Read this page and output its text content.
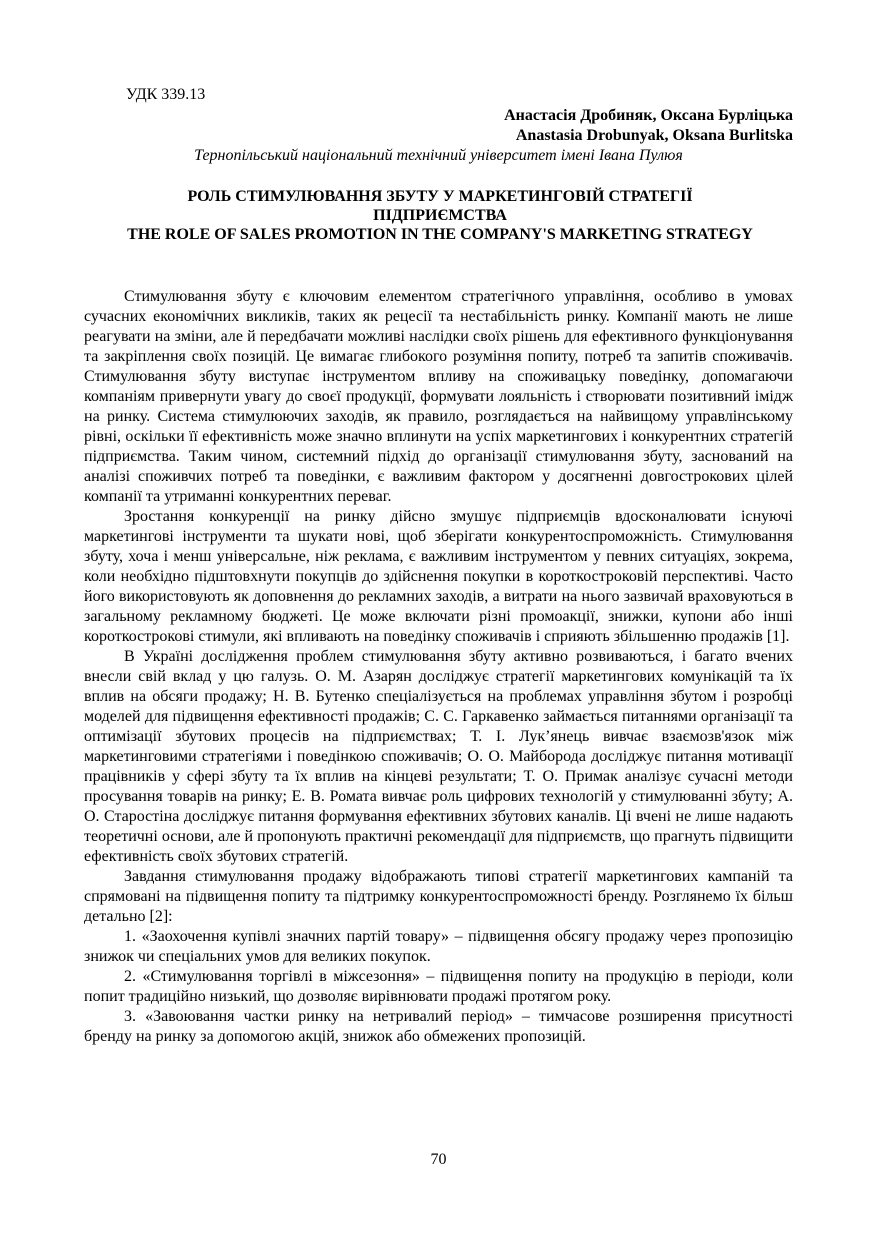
УДК 339.13
Анастасія Дробиняк, Оксана Бурліцька
Anastasia Drobunyak, Oksana Burlitska
Тернопільський національний технічний університет імені Івана Пулюя
РОЛЬ СТИМУЛЮВАННЯ ЗБУТУ У МАРКЕТИНГОВІЙ СТРАТЕГІЇ ПІДПРИЄМСТВА
THE ROLE OF SALES PROMOTION IN THE COMPANY'S MARKETING STRATEGY

Стимулювання збуту є ключовим елементом стратегічного управління, особливо в умовах сучасних економічних викликів, таких як рецесії та нестабільність ринку. Компанії мають не лише реагувати на зміни, але й передбачати можливі наслідки своїх рішень для ефективного функціонування та закріплення своїх позицій. Це вимагає глибокого розуміння попиту, потреб та запитів споживачів. Стимулювання збуту виступає інструментом впливу на споживацьку поведінку, допомагаючи компаніям привернути увагу до своєї продукції, формувати лояльність і створювати позитивний імідж на ринку. Система стимулюючих заходів, як правило, розглядається на найвищому управлінському рівні, оскільки її ефективність може значно вплинути на успіх маркетингових і конкурентних стратегій підприємства. Таким чином, системний підхід до організації стимулювання збуту, заснований на аналізі споживчих потреб та поведінки, є важливим фактором у досягненні довгострокових цілей компанії та утриманні конкурентних переваг.

Зростання конкуренції на ринку дійсно змушує підприємців вдосконалювати існуючі маркетингові інструменти та шукати нові, щоб зберігати конкурентоспроможність. Стимулювання збуту, хоча і менш універсальне, ніж реклама, є важливим інструментом у певних ситуаціях, зокрема, коли необхідно підштовхнути покупців до здійснення покупки в короткостроковій перспективі. Часто його використовують як доповнення до рекламних заходів, а витрати на нього зазвичай враховуються в загальному рекламному бюджеті. Це може включати різні промоакції, знижки, купони або інші короткострокові стимули, які впливають на поведінку споживачів і сприяють збільшенню продажів [1].

В Україні дослідження проблем стимулювання збуту активно розвиваються, і багато вчених внесли свій вклад у цю галузь. О. М. Азарян досліджує стратегії маркетингових комунікацій та їх вплив на обсяги продажу; Н. В. Бутенко спеціалізується на проблемах управління збутом і розробці моделей для підвищення ефективності продажів; С. С. Гаркавенко займається питаннями організації та оптимізації збутових процесів на підприємствах; Т. І. Лук’янець вивчає взаємозв'язок між маркетинговими стратегіями і поведінкою споживачів; О. О. Майборода досліджує питання мотивації працівників у сфері збуту та їх вплив на кінцеві результати; Т. О. Примак аналізує сучасні методи просування товарів на ринку; Е. В. Ромата вивчає роль цифрових технологій у стимулюванні збуту; А. О. Старостіна досліджує питання формування ефективних збутових каналів. Ці вчені не лише надають теоретичні основи, але й пропонують практичні рекомендації для підприємств, що прагнуть підвищити ефективність своїх збутових стратегій.

Завдання стимулювання продажу відображають типові стратегії маркетингових кампаній та спрямовані на підвищення попиту та підтримку конкурентоспроможності бренду. Розглянемо їх більш детально [2]:

1. «Заохочення купівлі значних партій товару» – підвищення обсягу продажу через пропозицію знижок чи спеціальних умов для великих покупок.

2. «Стимулювання торгівлі в міжсезоння» – підвищення попиту на продукцію в періоди, коли попит традиційно низький, що дозволяє вирівнювати продажі протягом року.

3. «Завоювання частки ринку на нетривалий період» – тимчасове розширення присутності бренду на ринку за допомогою акцій, знижок або обмежених пропозицій.

70
